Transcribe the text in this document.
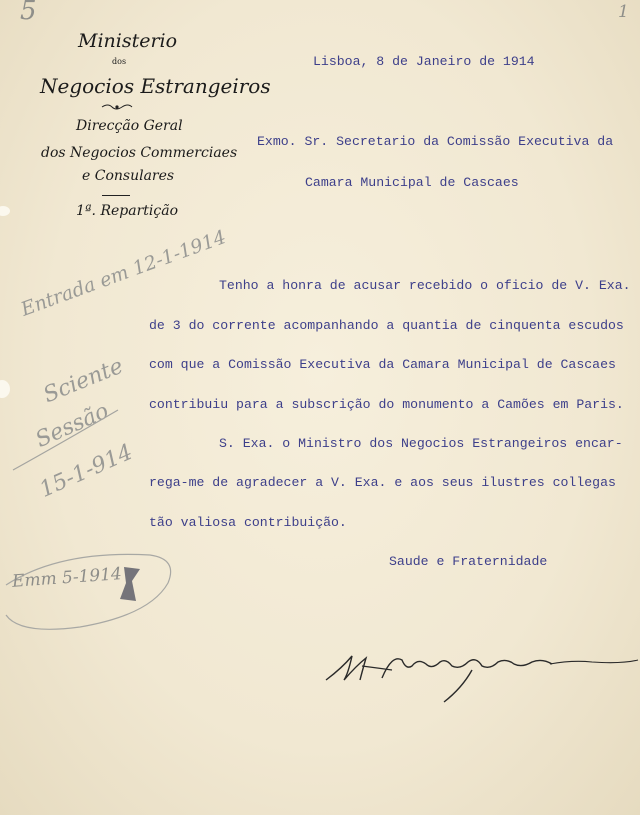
5	1
Ministerio
dos
Negocios Estrangeiros
Direcção Geral
dos Negocios Commerciaes
e Consulares
1ª. Repartição
Lisboa, 8 de Janeiro de 1914
Exmo. Sr. Secretario da Comissão Executiva da
Camara Municipal de Cascaes
Tenho a honra de acusar recebido o oficio de V. Exa.
de 3 do corrente acompanhando a quantia de cinquenta escudos
com que a Comissão Executiva da Camara Municipal de Cascaes
contribuiu para a subscrição do monumento a Camões em Paris.
S. Exa. o Ministro dos Negocios Estrangeiros encar-
rega-me de agradecer a V. Exa. e aos seus ilustres collegas
tão valiosa contribuição.
Saude e Fraternidade
Entrada em 12-1-1914
Sciente
Sessão
15-1-914
Emm 5-1914
